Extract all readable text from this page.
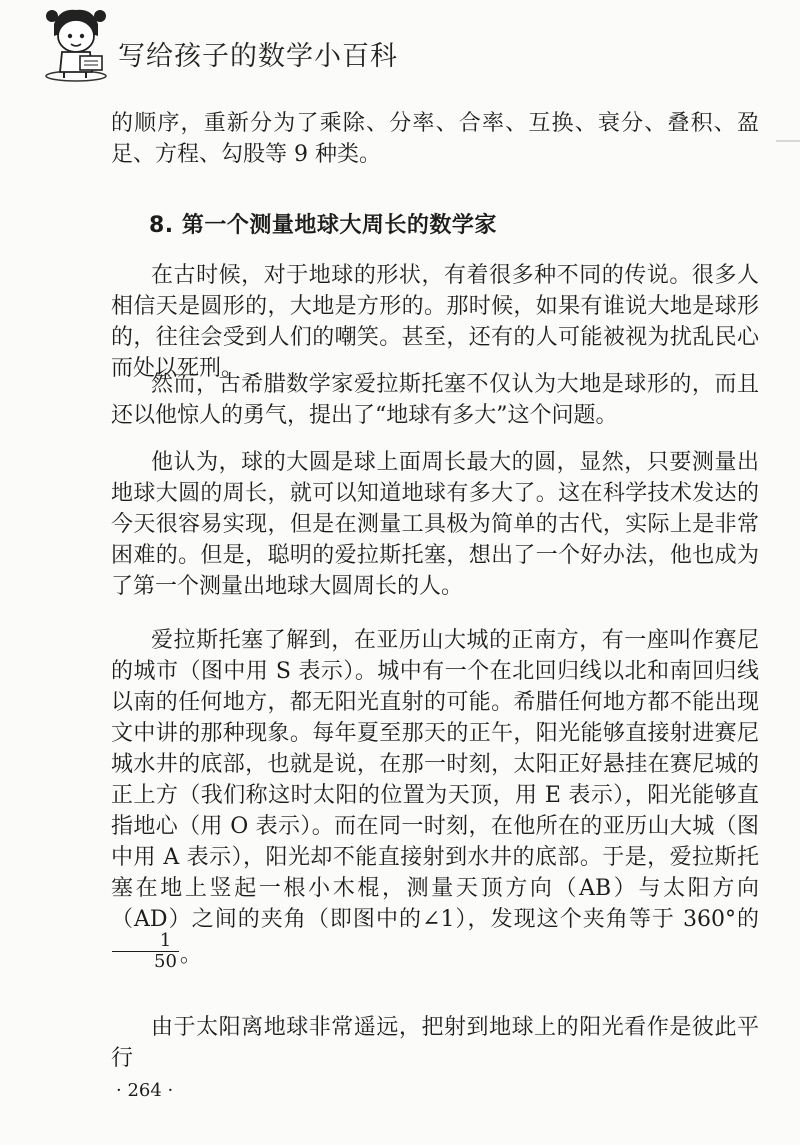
写给孩子的数学小百科

的顺序，重新分为了乘除、分率、合率、互换、衰分、叠积、盈足、方程、勾股等 9 种类。

8. 第一个测量地球大周长的数学家

在古时候，对于地球的形状，有着很多种不同的传说。很多人相信天是圆形的，大地是方形的。那时候，如果有谁说大地是球形的，往往会受到人们的嘲笑。甚至，还有的人可能被视为扰乱民心而处以死刑。

然而，古希腊数学家爱拉斯托塞不仅认为大地是球形的，而且还以他惊人的勇气，提出了“地球有多大”这个问题。

他认为，球的大圆是球上面周长最大的圆，显然，只要测量出地球大圆的周长，就可以知道地球有多大了。这在科学技术发达的今天很容易实现，但是在测量工具极为简单的古代，实际上是非常困难的。但是，聪明的爱拉斯托塞，想出了一个好办法，他也成为了第一个测量出地球大圆周长的人。

爱拉斯托塞了解到，在亚历山大城的正南方，有一座叫作赛尼的城市（图中用 S 表示）。城中有一个在北回归线以北和南回归线以南的任何地方，都无阳光直射的可能。希腊任何地方都不能出现文中讲的那种现象。每年夏至那天的正午，阳光能够直接射进赛尼城水井的底部，也就是说，在那一时刻，太阳正好悬挂在赛尼城的正上方（我们称这时太阳的位置为天顶，用 E 表示），阳光能够直指地心（用 O 表示）。而在同一时刻，在他所在的亚历山大城（图中用 A 表示），阳光却不能直接射到水井的底部。于是，爱拉斯托塞在地上竖起一根小木棍，测量天顶方向（AB）与太阳方向（AD）之间的夹角（即图中的∠1），发现这个夹角等于 360°的
$\frac{1}{50}$ 。

由于太阳离地球非常遥远，把射到地球上的阳光看作是彼此平行

· 264 ·
